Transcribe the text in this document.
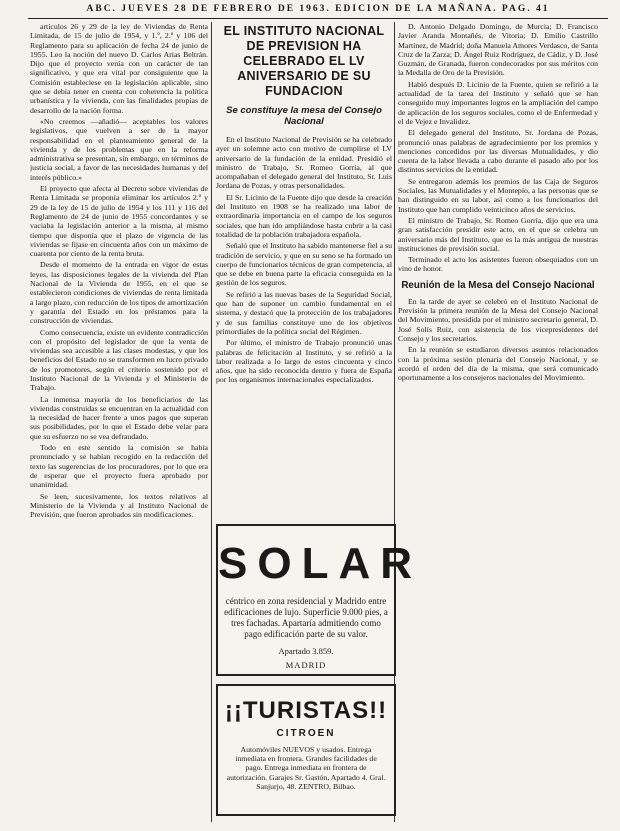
ABC. JUEVES 28 DE FEBRERO DE 1963. EDICION DE LA MAÑANA. PAG. 41

artículos 26 y 29 de la ley de Viviendas de Renta Limitada, de 15 de julio de 1954, y 1.º, 2.º y 106 del Reglamento para su aplicación de fecha 24 de junio de 1955. Leo la noción del nuevo D. Carlos Arias Beltrán. Dijo que el proyecto venía con un carácter de tan significativo, y que era vital por consiguiente que la Comisión estableciese en la legislación aplicable, sino que se debía tener en cuenta con coherencia la política urbanística y la vivienda, con las finalidades propias de desarrollo de la nación forma.

«No creemos —añadió— aceptables los valores legislativos, que vuelven a ser de la mayor responsabilidad en el planteamiento general de la vivienda y de los problemas que en la reforma administrativa se presentan, sin embargo, en términos de justicia social, a favor de las necesidades humanas y del interés público.»

El proyecto que afecta al Decreto sobre viviendas de Renta Limitada se proponía eliminar los artículos 2.º y 29 de la ley de 15 de julio de 1954 y los 111 y 116 del Reglamento de 24 de junio de 1955 concordantes y se vaciaba la legislación anterior a la misma, al mismo tiempo que disponía que el plazo de vigencia de las viviendas se fijase en cincuenta años con un máximo de cuarenta por ciento de la renta bruta.

Desde el momento de la entrada en vigor de estas leyes, las disposiciones legales de la vivienda del Plan Nacional de la Vivienda de 1955, en el que se establecieron condiciones de viviendas de renta limitada a largo plazo, con reducción de los tipos de amortización y garantía del Estado en los préstamos para la construcción de viviendas.

Como consecuencia, existe un evidente contradicción con el propósito del legislador de que la venta de viviendas sea accesible a las clases modestas, y que los beneficios del Estado no se transformen en lucro privado de los promotores, según el criterio sostenido por el Instituto Nacional de la Vivienda y el Ministerio de Trabajo.

La inmensa mayoría de los beneficiarios de las viviendas construidas se encuentran en la actualidad con la necesidad de hacer frente a unos pagos que superan sus posibilidades, por lo que el Estado debe velar para que su esfuerzo no se vea defraudado.

Todo en este sentido la comisión se había pronunciado y se habían recogido en la redacción del texto las sugerencias de los procuradores, por lo que era de esperar que el proyecto fuera aprobado por unanimidad.

Se leen, sucesivamente, los textos relativos al Ministerio de la Vivienda y al Instituto Nacional de Previsión, que fueron aprobados sin modificaciones.

EL INSTITUTO NACIONAL DE PREVISION HA CELEBRADO EL LV ANIVERSARIO DE SU FUNDACION
Se constituye la mesa del Consejo Nacional

En el Instituto Nacional de Previsión se ha celebrado ayer un solemne acto con motivo de cumplirse el LV aniversario de la fundación de la entidad. Presidió el ministro de Trabajo, Sr. Romeo Gorría, al que acompañaban el delegado general del Instituto, Sr. Luis Jordana de Pozas, y otras personalidades.

El Sr. Licinio de la Fuente dijo que desde la creación del Instituto en 1908 se ha realizado una labor de extraordinaria importancia en el campo de los seguros sociales, que han ido ampliándose hasta cubrir a la casi totalidad de la población trabajadora española.

Señaló que el Instituto ha sabido mantenerse fiel a su tradición de servicio, y que en su seno se ha formado un cuerpo de funcionarios técnicos de gran competencia, al que se debe en buena parte la eficacia conseguida en la gestión de los seguros.

Se refirió a las nuevas bases de la Seguridad Social, que han de suponer un cambio fundamental en el sistema, y destacó que la protección de los trabajadores y de sus familias constituye uno de los objetivos primordiales de la política social del Régimen.

Por último, el ministro de Trabajo pronunció unas palabras de felicitación al Instituto, y se refirió a la labor realizada a lo largo de estos cincuenta y cinco años, que ha sido reconocida dentro y fuera de España por los organismos internacionales especializados.

SOLAR
céntrico en zona residencial y Madrido entre edificaciones de lujo. Superficie 9.000 pies, a tres fachadas. Apartaría admitiendo como pago edificación parte de su valor.
Apartado 3.859.
MADRID
¡¡TURISTAS!!
CITROEN
Automóviles NUEVOS y usados. Entrega inmediata en frontera. Grandes facilidades de pago. Entrega inmediata en frontera de autorización. Garajes Sr. Gastón, Apartado 4. Gral. Sanjurjo, 48. ZENTRO, Bilbao.

D. Antonio Delgado Domingo, de Murcia; D. Francisco Javier Aranda Montañés, de Vitoria; D. Emilio Castrillo Martínez, de Madrid; doña Manuela Amores Verdasco, de Santa Cruz de la Zarza; D. Ángel Ruiz Rodríguez, de Cádiz, y D. José Guzmán, de Granada, fueron condecorados por sus méritos con la Medalla de Oro de la Previsión.

Habló después D. Licinio de la Fuente, quien se refirió a la actualidad de la tarea del Instituto y señaló que se han conseguido muy importantes logros en la ampliación del campo de aplicación de los seguros sociales, como el de Enfermedad y el de Vejez e Invalidez.

El delegado general del Instituto, Sr. Jordana de Pozas, pronunció unas palabras de agradecimiento por los premios y menciones concedidos por las diversas Mutualidades, y dio cuenta de la labor llevada a cabo durante el pasado año por los distintos servicios de la entidad.

Se entregaron además los premios de las Caja de Seguros Sociales, las Mutualidades y el Montepío, a las personas que se han distinguido en su labor, así como a los funcionarios del Instituto que han cumplido veinticinco años de servicios.

El ministro de Trabajo, Sr. Romeo Gorría, dijo que era una gran satisfacción presidir este acto, en el que se celebra un aniversario más del Instituto, que es la más antigua de nuestras instituciones de previsión social.

Terminado el acto los asistentes fueron obsequiados con un vino de honor.

Reunión de la Mesa del Consejo Nacional

En la tarde de ayer se celebró en el Instituto Nacional de Previsión la primera reunión de la Mesa del Consejo Nacional del Movimiento, presidida por el ministro secretario general, D. José Solís Ruiz, con asistencia de los vicepresidentes del Consejo y los secretarios.

En la reunión se estudiaron diversos asuntos relacionados con la próxima sesión plenaria del Consejo Nacional, y se acordó el orden del día de la misma, que será comunicado oportunamente a los consejeros nacionales del Movimiento.
